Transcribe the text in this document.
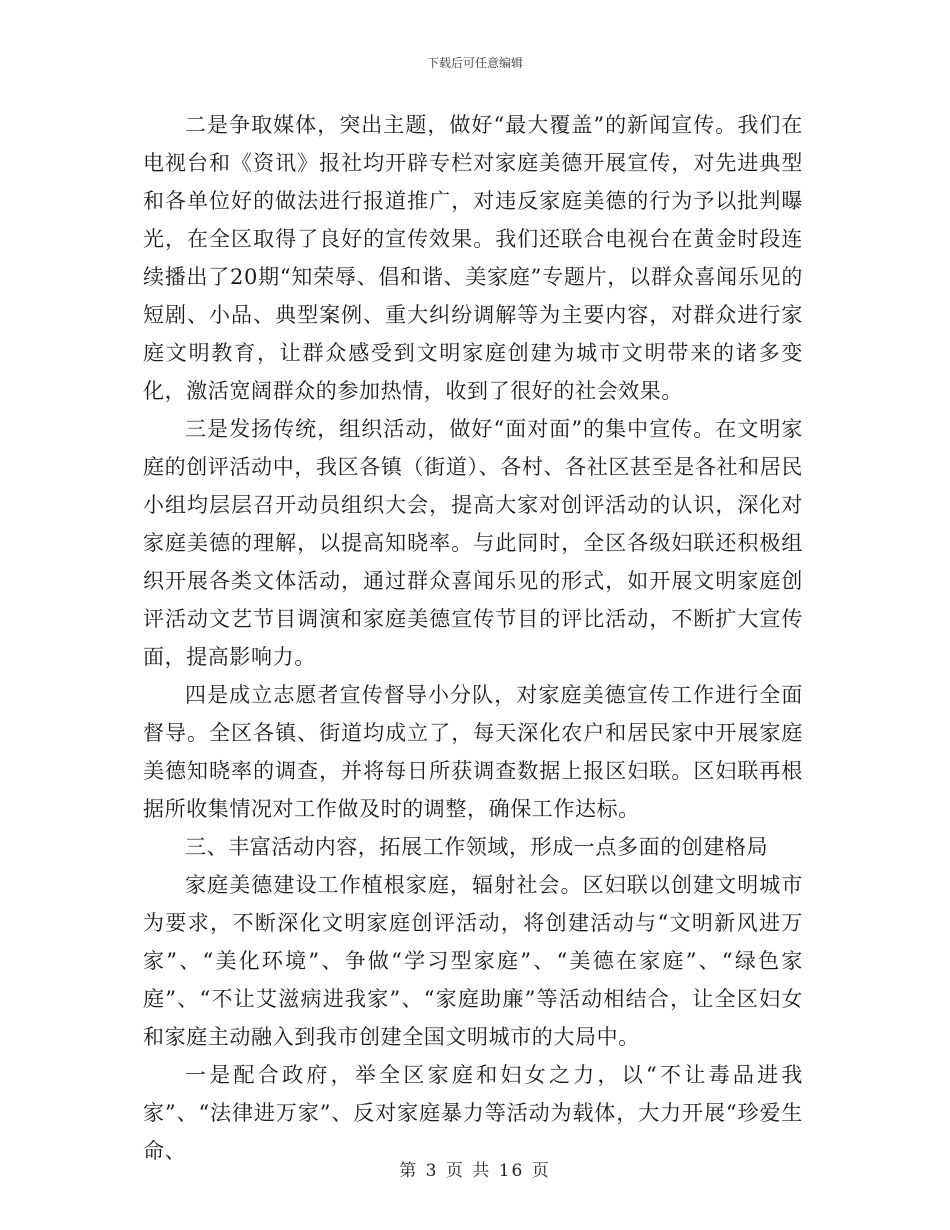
下载后可任意编辑

二是争取媒体，突出主题，做好“最大覆盖”的新闻宣传。我们在电视台和《资讯》报社均开辟专栏对家庭美德开展宣传，对先进典型和各单位好的做法进行报道推广，对违反家庭美德的行为予以批判曝光，在全区取得了良好的宣传效果。我们还联合电视台在黄金时段连续播出了20期“知荣辱、倡和谐、美家庭”专题片，以群众喜闻乐见的短剧、小品、典型案例、重大纠纷调解等为主要内容，对群众进行家庭文明教育，让群众感受到文明家庭创建为城市文明带来的诸多变化，激活宽阔群众的参加热情，收到了很好的社会效果。

三是发扬传统，组织活动，做好“面对面”的集中宣传。在文明家庭的创评活动中，我区各镇（街道）、各村、各社区甚至是各社和居民小组均层层召开动员组织大会，提高大家对创评活动的认识，深化对家庭美德的理解，以提高知晓率。与此同时，全区各级妇联还积极组织开展各类文体活动，通过群众喜闻乐见的形式，如开展文明家庭创评活动文艺节目调演和家庭美德宣传节目的评比活动，不断扩大宣传面，提高影响力。

四是成立志愿者宣传督导小分队，对家庭美德宣传工作进行全面督导。全区各镇、街道均成立了，每天深化农户和居民家中开展家庭美德知晓率的调查，并将每日所获调查数据上报区妇联。区妇联再根据所收集情况对工作做及时的调整，确保工作达标。

三、丰富活动内容，拓展工作领域，形成一点多面的创建格局

家庭美德建设工作植根家庭，辐射社会。区妇联以创建文明城市为要求，不断深化文明家庭创评活动，将创建活动与“文明新风进万家”、“美化环境”、争做“学习型家庭”、“美德在家庭”、“绿色家庭”、“不让艾滋病进我家”、“家庭助廉”等活动相结合，让全区妇女和家庭主动融入到我市创建全国文明城市的大局中。

一是配合政府，举全区家庭和妇女之力，以“不让毒品进我家”、“法律进万家”、反对家庭暴力等活动为载体，大力开展“珍爱生命、

第 3 页 共 16 页
